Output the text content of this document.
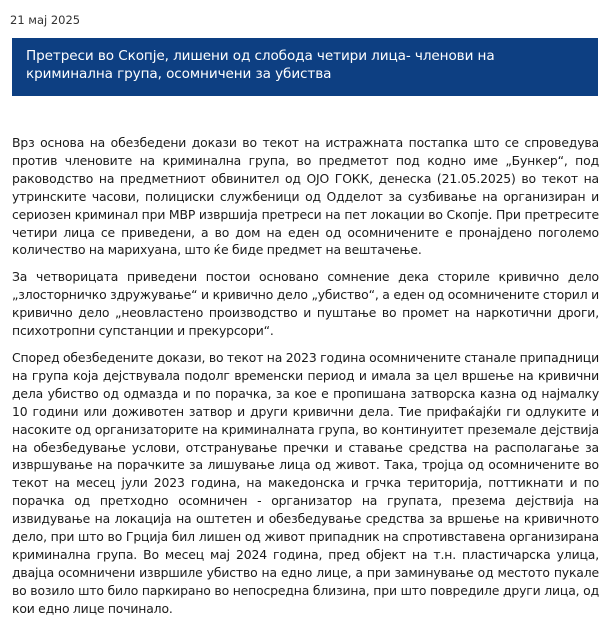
21 мај 2025
Претреси во Скопје, лишени од слобода четири лица- членови на криминална група, осомничени за убиства

Врз основа на обезбедени докази во текот на истражната постапка што се спроведува против членовите на криминална група, во предметот под кодно име „Бункер“, под раководство на предметниот обвинител од ОЈО ГОКК, денеска (21.05.2025) во текот на утринските часови, полициски службеници од Одделот за сузбивање на организиран и сериозен криминал при МВР извршија претреси на пет локации во Скопје. При претресите четири лица се приведени, а во дом на еден од осомничените е пронајдено поголемо количество на марихуана, што ќе биде предмет на вештачење.

За четворицата приведени постои основано сомнение дека сториле кривично дело „злосторничко здружување“ и кривично дело „убиство“, а еден од осомничените сторил и кривично дело „неовластено производство и пуштање во промет на наркотични дроги, психотропни супстанции и прекурсори“.

Според обезбедените докази, во текот на 2023 година осомничените станале припадници на група која дејствувала подолг временски период и имала за цел вршење на кривични дела убиство од одмазда и по порачка, за кое е пропишана затворска казна од најмалку 10 години или доживотен затвор и други кривични дела. Тие прифаќајќи ги одлуките и насоките од организаторите на криминалната група, во континуитет преземале дејствија на обезбедување услови, отстранување пречки и ставање средства на располагање за извршување на порачките за лишување лица од живот. Така, тројца од осомничените во текот на месец јули 2023 година, на македонска и грчка територија, поттикнати и по порачка од претходно осомничен - организатор на групата, презема дејствија на извидување на локација на оштетен и обезбедување средства за вршење на кривичното дело, при што во Грција бил лишен од живот припадник на спротивставена организирана криминална група. Во месец мај 2024 година, пред објект на т.н. пластичарска улица, двајца осомничени извршиле убиство на едно лице, а при заминување од местото пукале во возило што било паркирано во непосредна близина, при што повредиле други лица, од кои едно лице починало.
